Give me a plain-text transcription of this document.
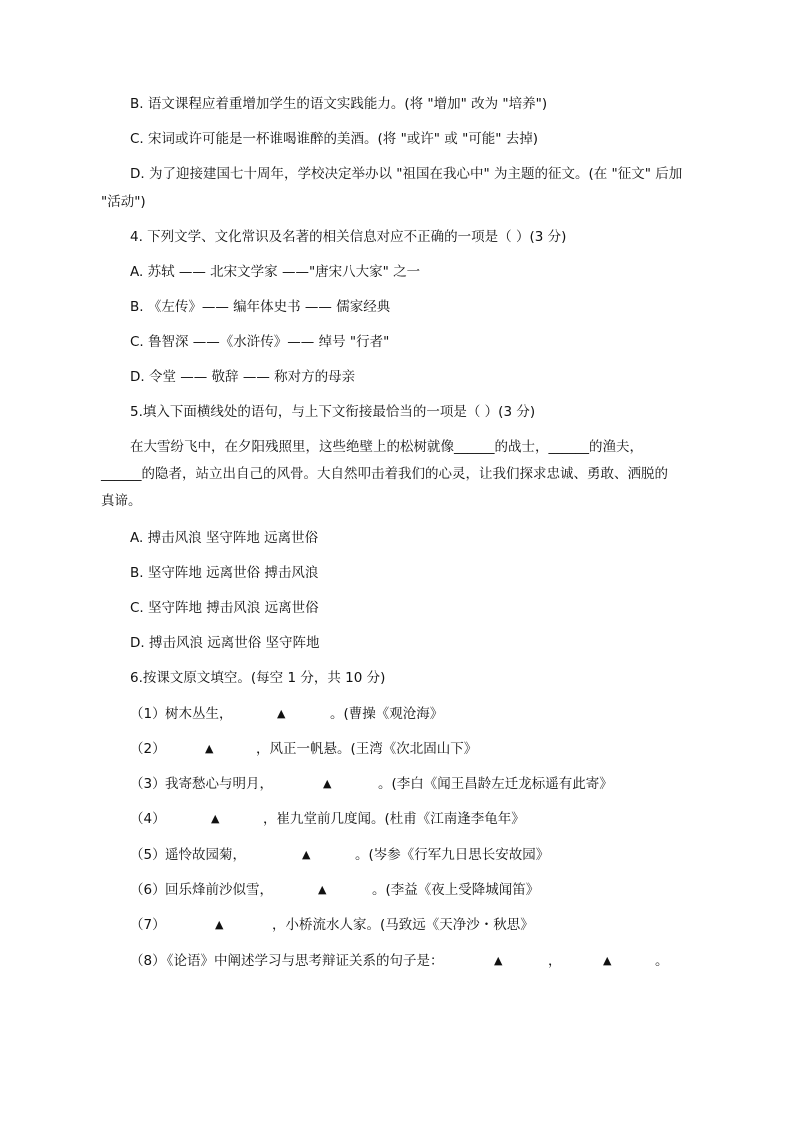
B. 语文课程应着重增加学生的语文实践能力。(将 "增加" 改为 "培养")
C. 宋词或许可能是一杯谁喝谁醉的美酒。(将 "或许" 或 "可能" 去掉)
D. 为了迎接建国七十周年，学校决定举办以 "祖国在我心中" 为主题的征文。(在 "征文" 后加
"活动")
4. 下列文学、文化常识及名著的相关信息对应不正确的一项是（ ）(3 分)
A. 苏轼 —— 北宋文学家 ——"唐宋八大家" 之一
B. 《左传》—— 编年体史书 —— 儒家经典
C. 鲁智深 ——《水浒传》—— 绰号 "行者"
D. 令堂 —— 敬辞 —— 称对方的母亲
5.填入下面横线处的语句，与上下文衔接最恰当的一项是（ ）(3 分)
在大雪纷飞中，在夕阳残照里，这些绝壁上的松树就像______的战士，______的渔夫，
______的隐者，站立出自己的风骨。大自然叩击着我们的心灵，让我们探求忠诚、勇敢、洒脱的
真谛。
A. 搏击风浪 坚守阵地 远离世俗
B. 坚守阵地 远离世俗 搏击风浪
C. 坚守阵地 搏击风浪 远离世俗
D. 搏击风浪 远离世俗 坚守阵地
6.按课文原文填空。(每空 1 分，共 10 分)
（1） 树木丛生，	▲	。(曹操《观沧海》
（2）	▲	，风正一帆悬。(王湾《次北固山下》
（3） 我寄愁心与明月，	▲	。(李白《闻王昌龄左迁龙标遥有此寄》
（4）	▲	，崔九堂前几度闻。(杜甫《江南逢李龟年》
（5） 遥怜故园菊，	▲	。(岑参《行军九日思长安故园》
（6） 回乐烽前沙似雪，	▲	。(李益《夜上受降城闻笛》
（7）	▲	，小桥流水人家。(马致远《天净沙・秋思》
（8）
《论语》中阐述学习与思考辩证关系的句子是：	▲	，	▲	。
